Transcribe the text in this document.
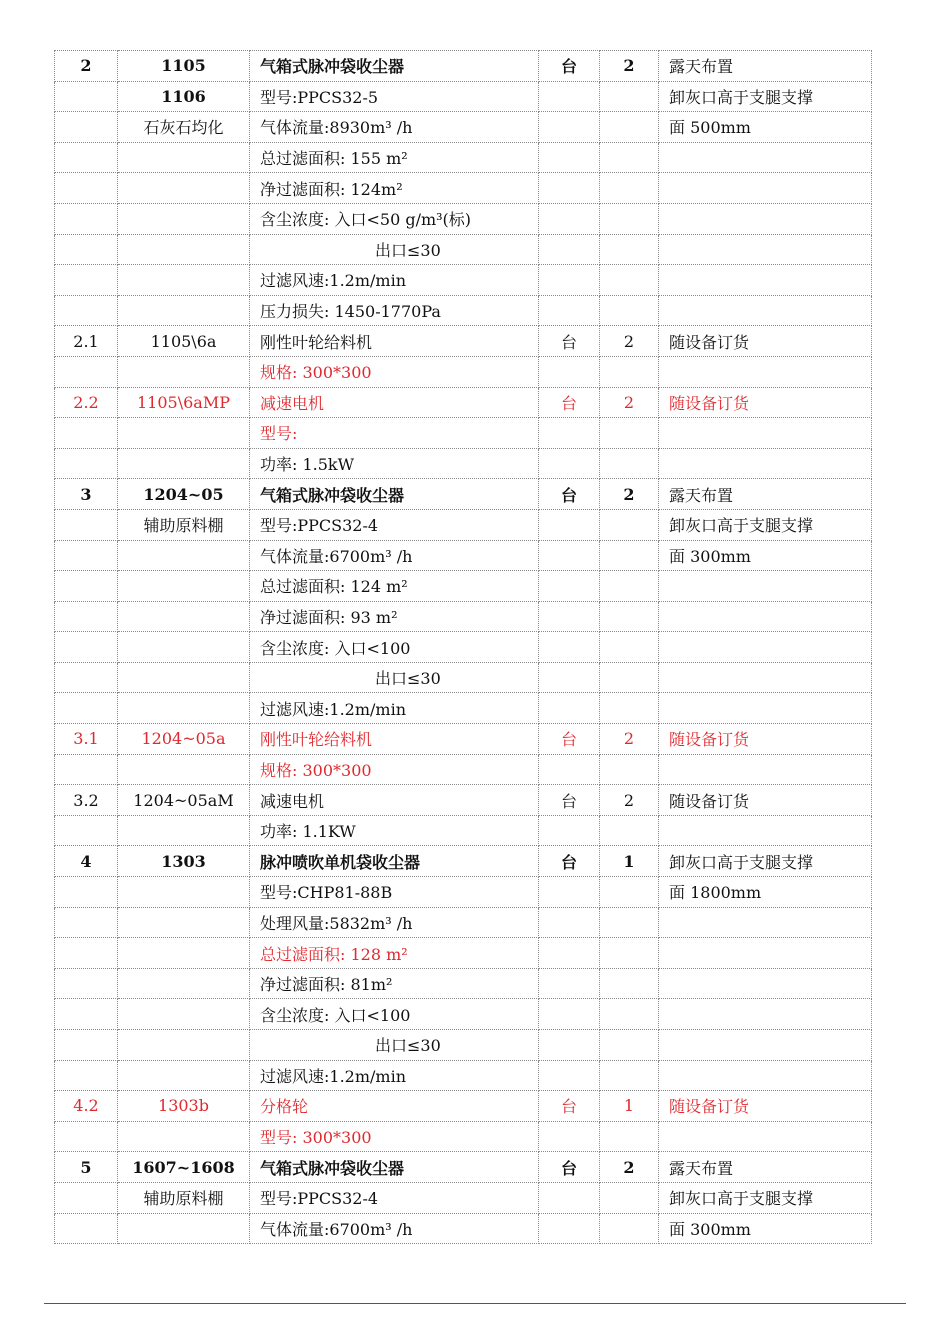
2	1105	气箱式脉冲袋收尘器	台	2	露天布置
	1106	型号:PPCS32-5			卸灰口高于支腿支撑
	石灰石均化	气体流量:8930m³ /h			面 500mm
		总过滤面积: 155 m²			
		净过滤面积: 124m²			
		含尘浓度: 入口<50 g/m³(标)			
		出口≤30			
		过滤风速:1.2m/min			
		压力损失: 1450-1770Pa			
2.1	1105\6a	刚性叶轮给料机	台	2	随设备订货
		规格: 300*300			
2.2	1105\6aMP	减速电机	台	2	随设备订货
		型号:			
		功率: 1.5kW			
3	1204~05	气箱式脉冲袋收尘器	台	2	露天布置
	辅助原料棚	型号:PPCS32-4			卸灰口高于支腿支撑
		气体流量:6700m³ /h			面 300mm
		总过滤面积: 124 m²			
		净过滤面积: 93 m²			
		含尘浓度: 入口<100			
		出口≤30			
		过滤风速:1.2m/min			
3.1	1204~05a	刚性叶轮给料机	台	2	随设备订货
		规格: 300*300			
3.2	1204~05aM	减速电机	台	2	随设备订货
		功率: 1.1KW			
4	1303	脉冲喷吹单机袋收尘器	台	1	卸灰口高于支腿支撑
		型号:CHP81-88B			面 1800mm
		处理风量:5832m³ /h			
		总过滤面积: 128 m²			
		净过滤面积: 81m²			
		含尘浓度: 入口<100			
		出口≤30			
		过滤风速:1.2m/min			
4.2	1303b	分格轮	台	1	随设备订货
		型号: 300*300			
5	1607~1608	气箱式脉冲袋收尘器	台	2	露天布置
	辅助原料棚	型号:PPCS32-4			卸灰口高于支腿支撑
		气体流量:6700m³ /h			面 300mm
